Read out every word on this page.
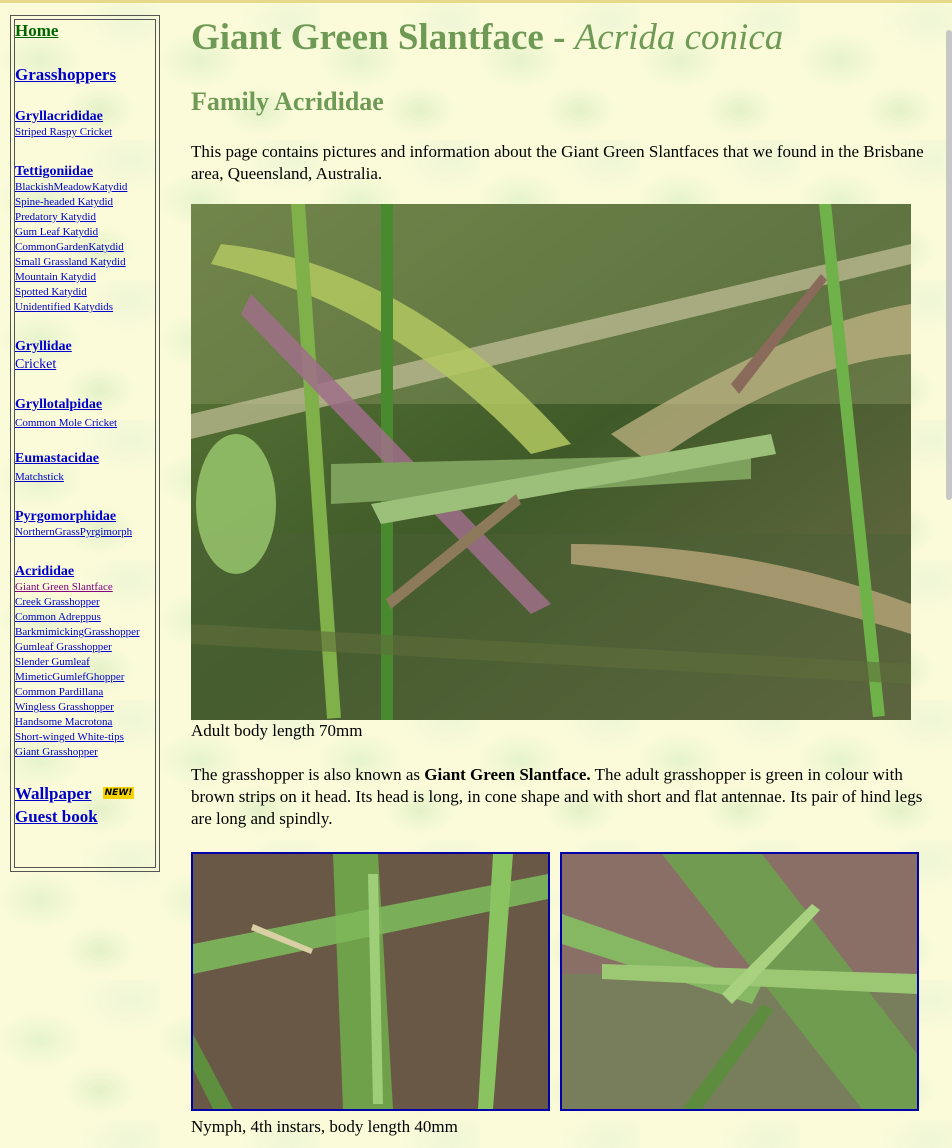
Home
Grasshoppers
Gryllacrididae
Striped Raspy Cricket
Tettigoniidae
BlackishMeadowKatydid
Spine-headed Katydid
Predatory Katydid
Gum Leaf Katydid
CommonGardenKatydid
Small Grassland Katydid
Mountain Katydid
Spotted Katydid
Unidentified Katydids
Gryllidae
Cricket
Gryllotalpidae
Common Mole Cricket
Eumastacidae
Matchstick
Pyrgomorphidae
NorthernGrassPyrgimorph
Acrididae
Giant Green Slantface
Creek Grasshopper
Common Adreppus
BarkmimickingGrasshopper
Gumleaf Grasshopper
Slender Gumleaf
MimeticGumlefGhopper
Common Pardillana
Wingless Grasshopper
Handsome Macrotona
Short-winged White-tips
Giant Grasshopper
Wallpaper NEW!
Guest book
Giant Green Slantface - Acrida conica
Family Acrididae

This page contains pictures and information about the Giant Green Slantfaces that we found in the Brisbane area, Queensland, Australia.

Adult body length 70mm

The grasshopper is also known as Giant Green Slantface. The adult grasshopper is green in colour with brown strips on it head. Its head is long, in cone shape and with short and flat antennae. Its pair of hind legs are long and spindly.

Nymph, 4th instars, body length 40mm
